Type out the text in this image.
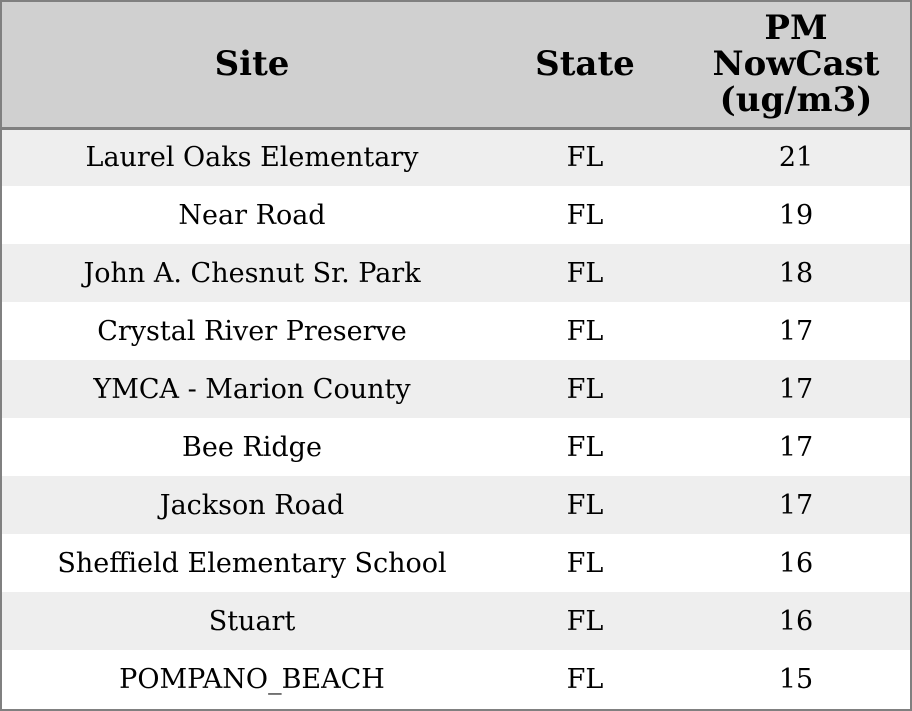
Site	State	PM
NowCast
(ug/m3)
Laurel Oaks Elementary	FL	21
Near Road	FL	19
John A. Chesnut Sr. Park	FL	18
Crystal River Preserve	FL	17
YMCA - Marion County	FL	17
Bee Ridge	FL	17
Jackson Road	FL	17
Sheffield Elementary School	FL	16
Stuart	FL	16
POMPANO_BEACH	FL	15
